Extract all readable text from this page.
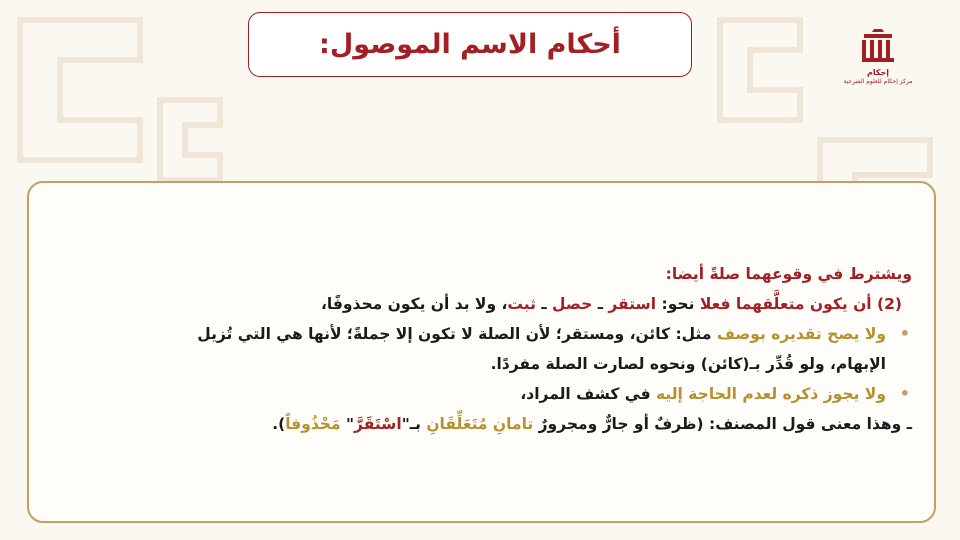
أحكام الاسم الموصول:
إحكام
مركز إحكام للعلوم الشرعية
ويشترط في وقوعهما صلةً أيضا:
(2) أن يكون متعلَّقهما فعلا نحو: استقر ـ حصل ـ ثبت، ولا بد أن يكون محذوفًا،
•
ولا يصح تقديره بوصف مثل: كائن، ومستقر؛ لأن الصلة لا تكون إلا جملةً؛ لأنها هي التي تُزيل
الإبهام، ولو قُدِّر بـ(كائن) ونحوه لصارت الصلة مفردًا.
•
ولا يجوز ذكره لعدم الحاجة إليه في كشف المراد،
ـ وهذا معنى قول المصنف: (ظرفٌ أو جارٌّ ومجرورٌ تامانِ مُتَعَلِّقَانِ بـ"اسْتَقَرَّ" مَحْذُوفاً).
